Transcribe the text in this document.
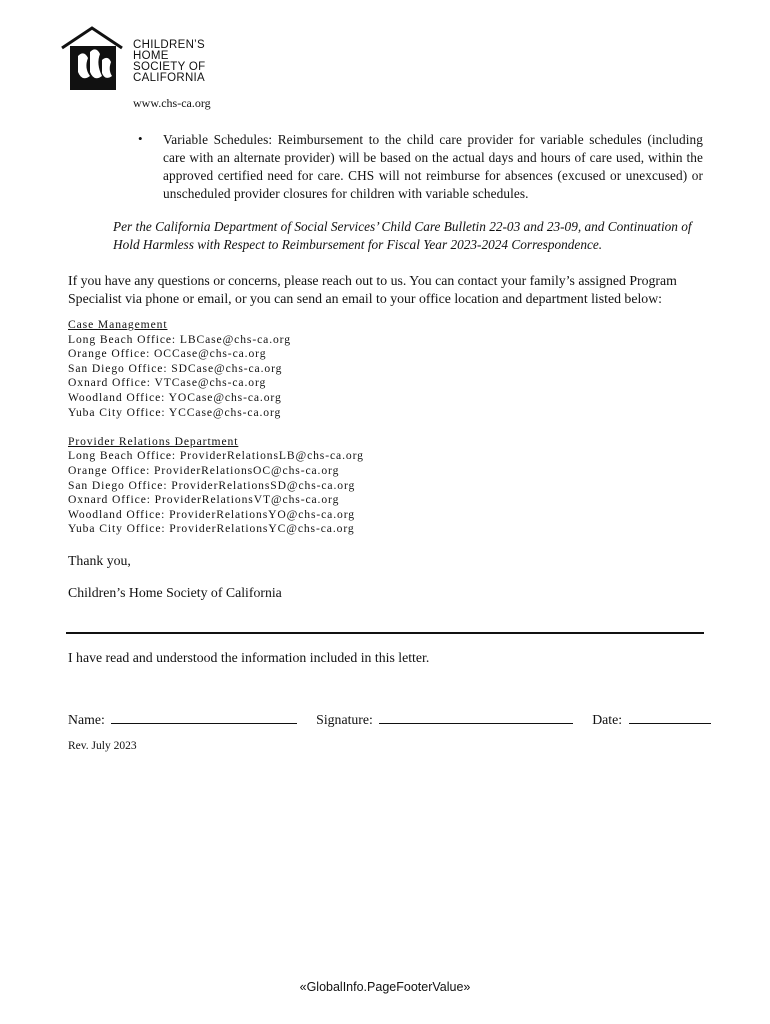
CHILDREN’S
HOME
SOCIETY OF
CALIFORNIA
www.chs-ca.org
• Variable Schedules: Reimbursement to the child care provider for variable schedules (including care with an alternate provider) will be based on the actual days and hours of care used, within the approved certified need for care. CHS will not reimburse for absences (excused or unexcused) or unscheduled provider closures for children with variable schedules.
Per the California Department of Social Services’ Child Care Bulletin 22-03 and 23-09, and Continuation of Hold Harmless with Respect to Reimbursement for Fiscal Year 2023-2024 Correspondence.
If you have any questions or concerns, please reach out to us. You can contact your family’s assigned Program Specialist via phone or email, or you can send an email to your office location and department listed below:
Case Management
Long Beach Office: LBCase@chs-ca.org
Orange Office: OCCase@chs-ca.org
San Diego Office: SDCase@chs-ca.org
Oxnard Office: VTCase@chs-ca.org
Woodland Office: YOCase@chs-ca.org
Yuba City Office: YCCase@chs-ca.org
Provider Relations Department
Long Beach Office: ProviderRelationsLB@chs-ca.org
Orange Office: ProviderRelationsOC@chs-ca.org
San Diego Office: ProviderRelationsSD@chs-ca.org
Oxnard Office: ProviderRelationsVT@chs-ca.org
Woodland Office: ProviderRelationsYO@chs-ca.org
Yuba City Office: ProviderRelationsYC@chs-ca.org
Thank you,
Children’s Home Society of California
I have read and understood the information included in this letter.
Name:	Signature:	Date:
Rev. July 2023
«GlobalInfo.PageFooterValue»
